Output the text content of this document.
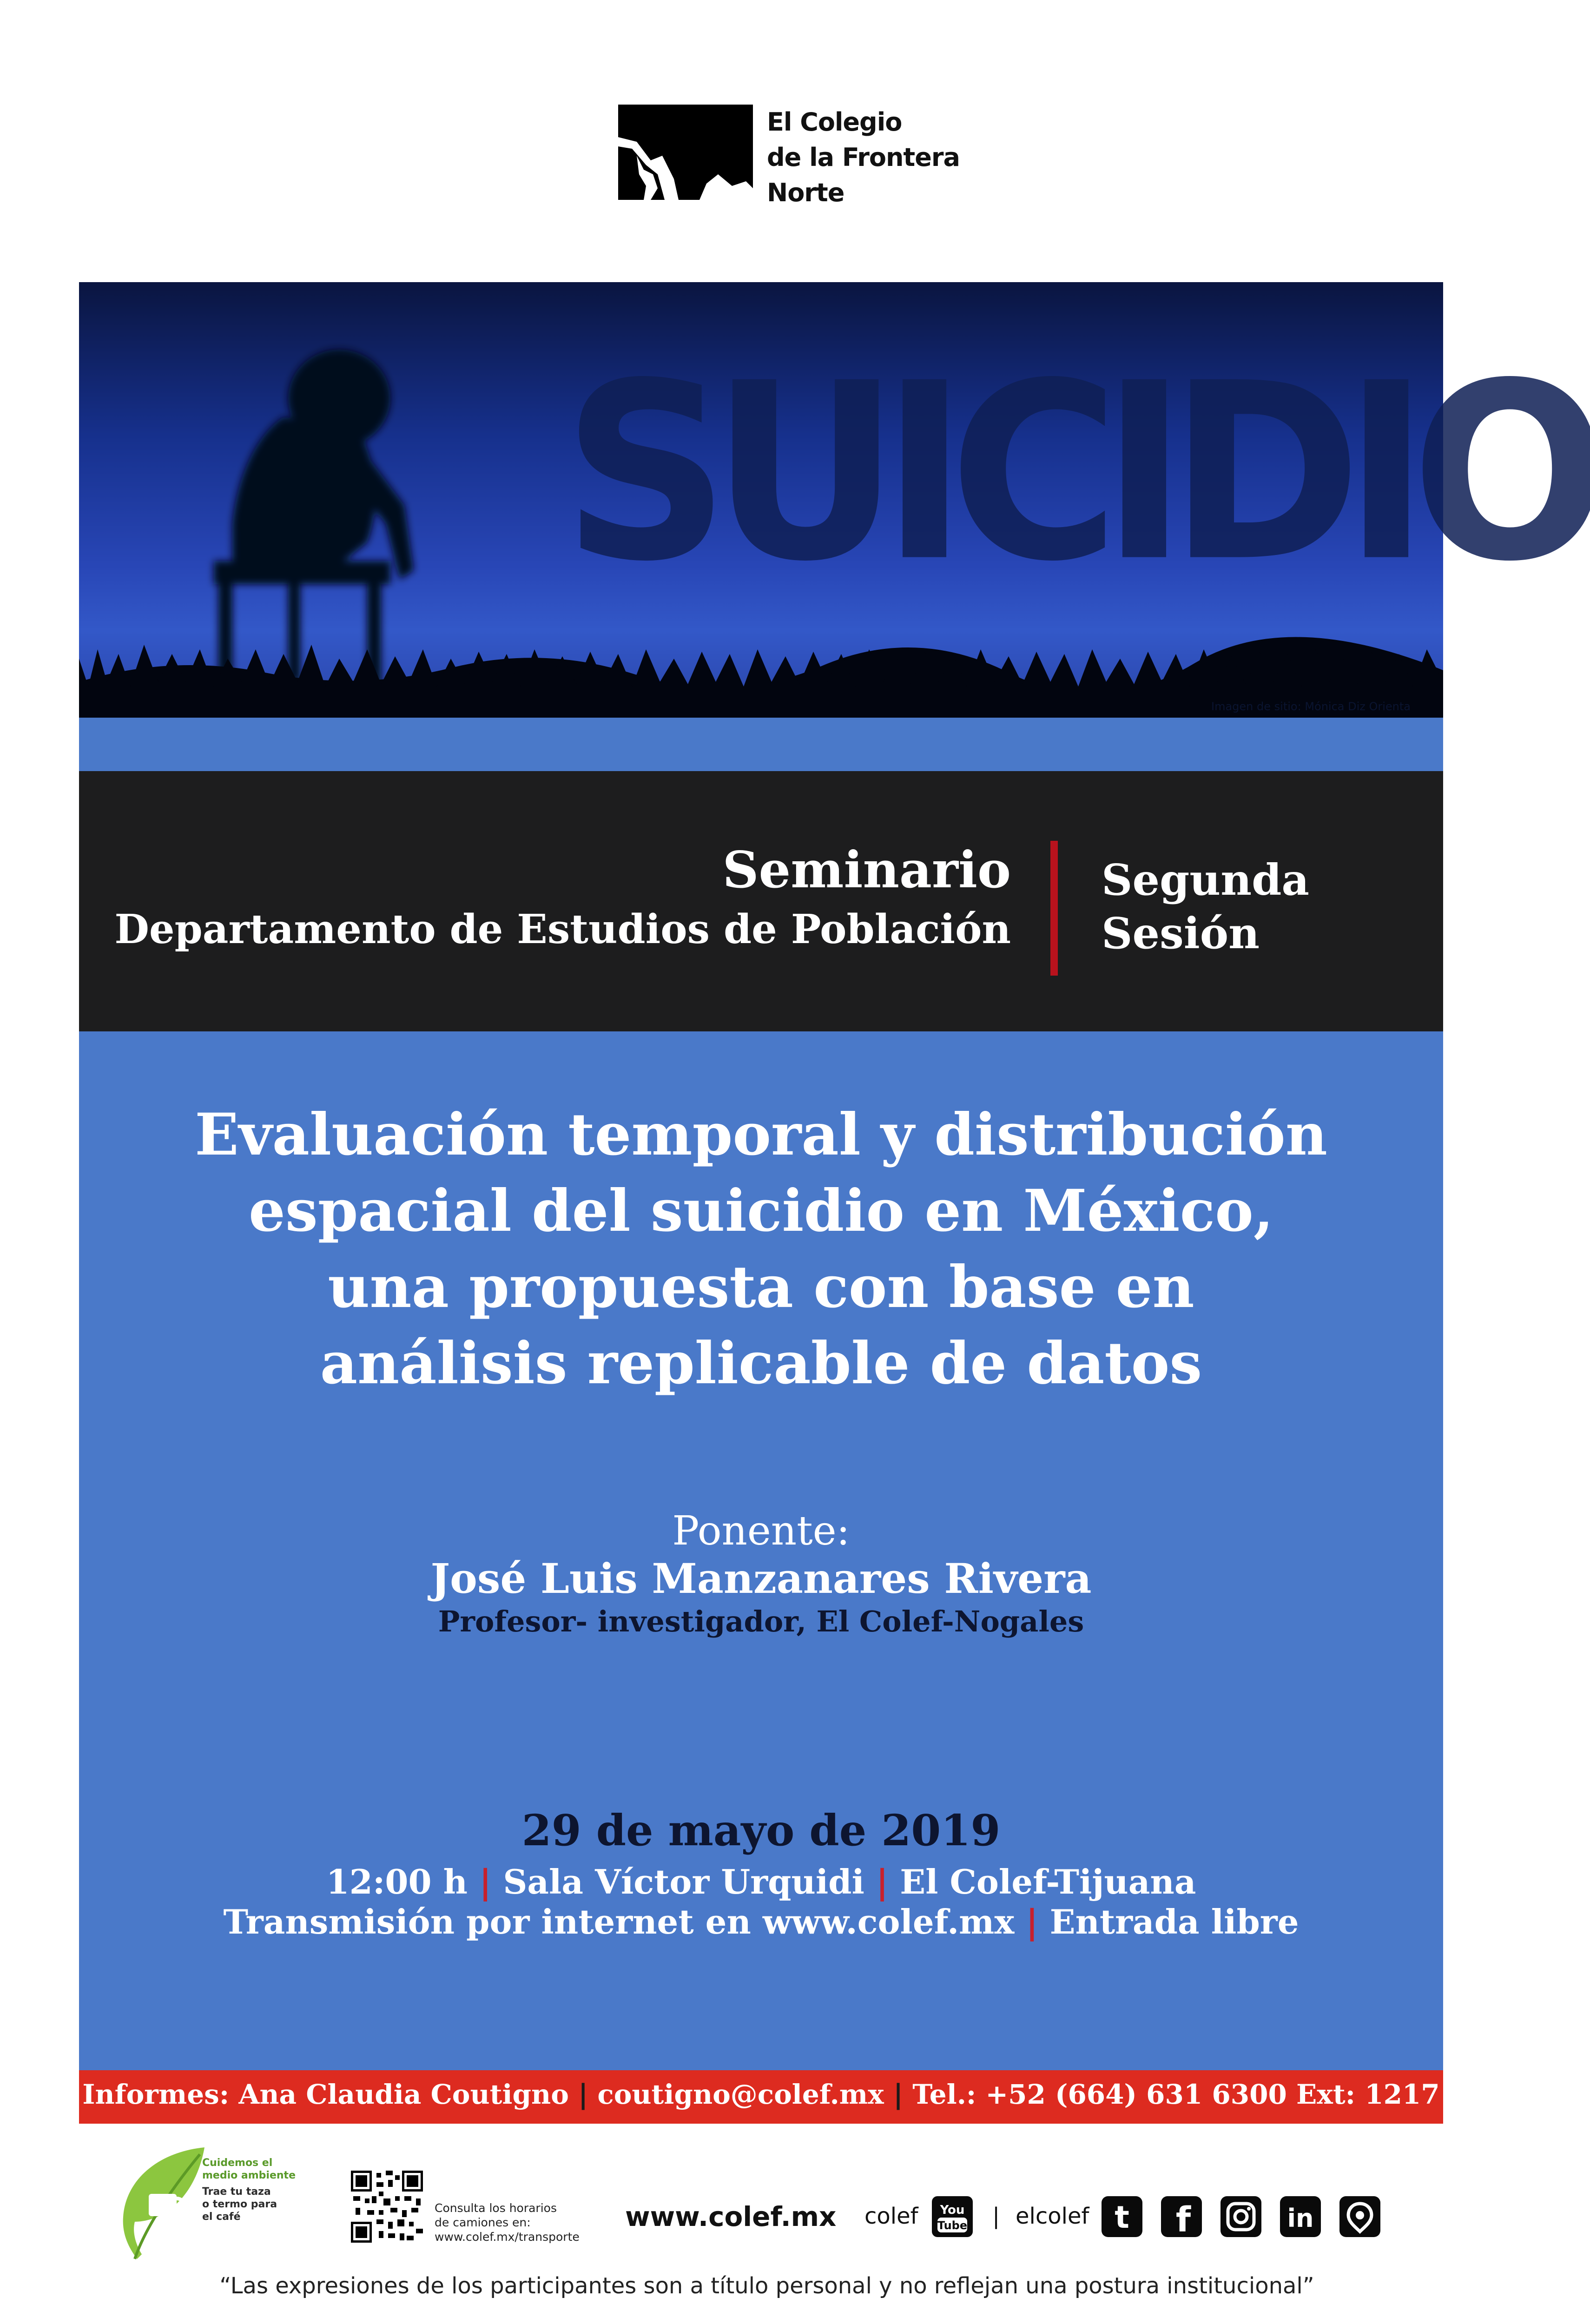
El Colegio
de la Frontera
Norte
SUICIDIO
Imagen de sitio: Mónica Diz Orienta
Seminario
Departamento de Estudios de Población
Segunda
Sesión
Evaluación temporal y distribución
espacial del suicidio en México,
una propuesta con base en
análisis replicable de datos
Ponente:
José Luis Manzanares Rivera
Profesor- investigador, El Colef-Nogales
29 de mayo de 2019
12:00 h | Sala Víctor Urquidi | El Colef-Tijuana
Transmisión por internet en www.colef.mx | Entrada libre
Informes: Ana Claudia Coutigno | coutigno@colef.mx | Tel.: +52 (664) 631 6300 Ext: 1217
Cuidemos el
medio ambiente
Trae tu taza
o termo para
el café
Consulta los horarios
de camiones en:
www.colef.mx/transporte
www.colef.mx colef You
Tube | elcolef t f	in
“Las expresiones de los participantes son a título personal y no reflejan una postura institucional”
